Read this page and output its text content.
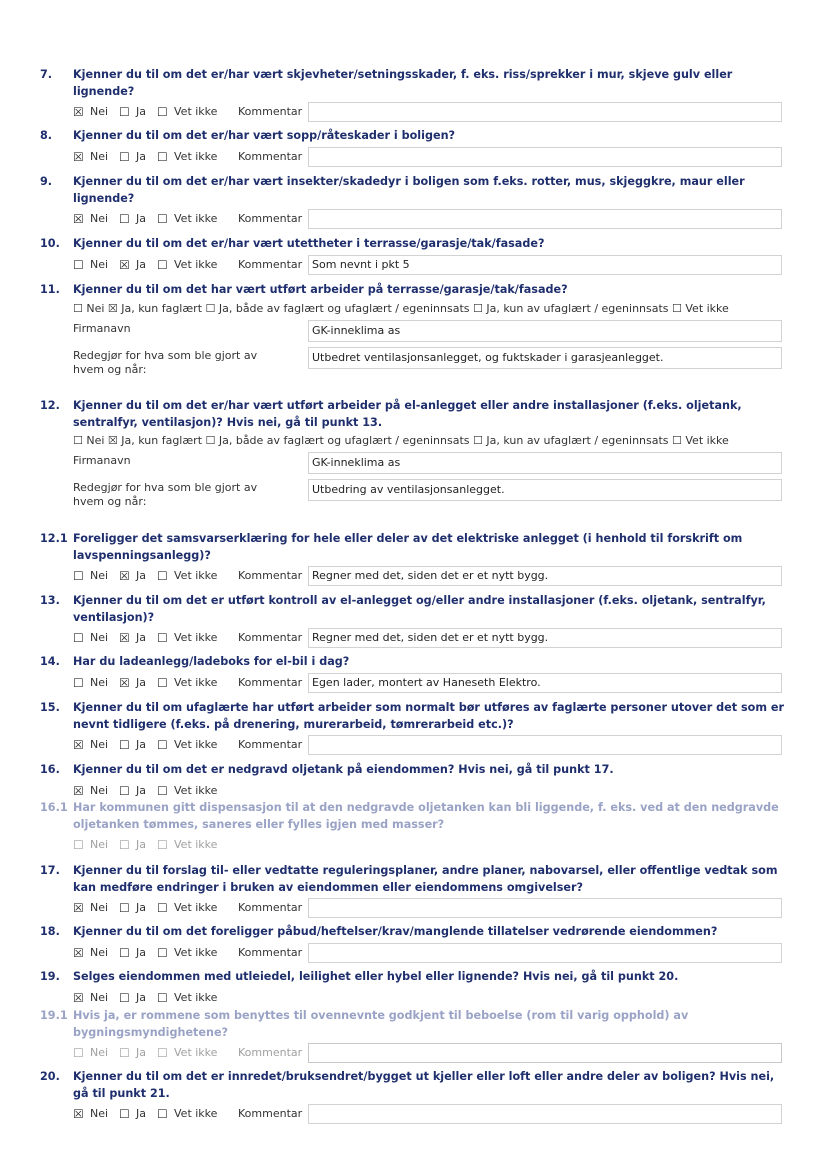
7.	Kjenner du til om det er/har vært skjevheter/setningsskader, f. eks. riss/sprekker i mur, skjeve gulv eller lignende?
☒ Nei ☐ Ja ☐ Vet ikke Kommentar
8.	Kjenner du til om det er/har vært sopp/råteskader i boligen?
☒ Nei ☐ Ja ☐ Vet ikke Kommentar
9.	Kjenner du til om det er/har vært insekter/skadedyr i boligen som f.eks. rotter, mus, skjeggkre, maur eller lignende?
☒ Nei ☐ Ja ☐ Vet ikke Kommentar
10.	Kjenner du til om det er/har vært utettheter i terrasse/garasje/tak/fasade?
☐ Nei ☒ Ja ☐ Vet ikke Kommentar Som nevnt i pkt 5
11.	Kjenner du til om det har vært utført arbeider på terrasse/garasje/tak/fasade?
☐ Nei ☒ Ja, kun faglært ☐ Ja, både av faglært og ufaglært / egeninnsats ☐ Ja, kun av ufaglært / egeninnsats ☐ Vet ikke
Firmanavn	GK-inneklima as
Redegjør for hva som ble gjort av hvem og når:
Utbedret ventilasjonsanlegget, og fuktskader i garasjeanlegget.
12.	Kjenner du til om det er/har vært utført arbeider på el-anlegget eller andre installasjoner (f.eks. oljetank, sentralfyr, ventilasjon)? Hvis nei, gå til punkt 13.
☐ Nei ☒ Ja, kun faglært ☐ Ja, både av faglært og ufaglært / egeninnsats ☐ Ja, kun av ufaglært / egeninnsats ☐ Vet ikke
Firmanavn	GK-inneklima as
Redegjør for hva som ble gjort av hvem og når:
Utbedring av ventilasjonsanlegget.
12.1 Foreligger det samsvarserklæring for hele eller deler av det elektriske anlegget (i henhold til forskrift om lavspenningsanlegg)?
☐ Nei ☒ Ja ☐ Vet ikke Kommentar Regner med det, siden det er et nytt bygg.
13.	Kjenner du til om det er utført kontroll av el-anlegget og/eller andre installasjoner (f.eks. oljetank, sentralfyr, ventilasjon)?
☐ Nei ☒ Ja ☐ Vet ikke Kommentar Regner med det, siden det er et nytt bygg.
14.	Har du ladeanlegg/ladeboks for el-bil i dag?
☐ Nei ☒ Ja ☐ Vet ikke Kommentar Egen lader, montert av Haneseth Elektro.
15.	Kjenner du til om ufaglærte har utført arbeider som normalt bør utføres av faglærte personer utover det som er nevnt tidligere (f.eks. på drenering, murerarbeid, tømrerarbeid etc.)?
☒ Nei ☐ Ja ☐ Vet ikke Kommentar
16.	Kjenner du til om det er nedgravd oljetank på eiendommen? Hvis nei, gå til punkt 17.
☒ Nei ☐ Ja ☐ Vet ikke
16.1 Har kommunen gitt dispensasjon til at den nedgravde oljetanken kan bli liggende, f. eks. ved at den nedgravde oljetanken tømmes, saneres eller fylles igjen med masser?
☐ Nei ☐ Ja ☐ Vet ikke
17.	Kjenner du til forslag til- eller vedtatte reguleringsplaner, andre planer, nabovarsel, eller offentlige vedtak som kan medføre endringer i bruken av eiendommen eller eiendommens omgivelser?
☒ Nei ☐ Ja ☐ Vet ikke Kommentar
18.	Kjenner du til om det foreligger påbud/heftelser/krav/manglende tillatelser vedrørende eiendommen?
☒ Nei ☐ Ja ☐ Vet ikke Kommentar
19.	Selges eiendommen med utleiedel, leilighet eller hybel eller lignende? Hvis nei, gå til punkt 20.
☒ Nei ☐ Ja ☐ Vet ikke
19.1 Hvis ja, er rommene som benyttes til ovennevnte godkjent til beboelse (rom til varig opphold) av bygningsmyndighetene?
☐ Nei ☐ Ja ☐ Vet ikke Kommentar
20.	Kjenner du til om det er innredet/bruksendret/bygget ut kjeller eller loft eller andre deler av boligen? Hvis nei, gå til punkt 21.
☒ Nei ☐ Ja ☐ Vet ikke Kommentar
